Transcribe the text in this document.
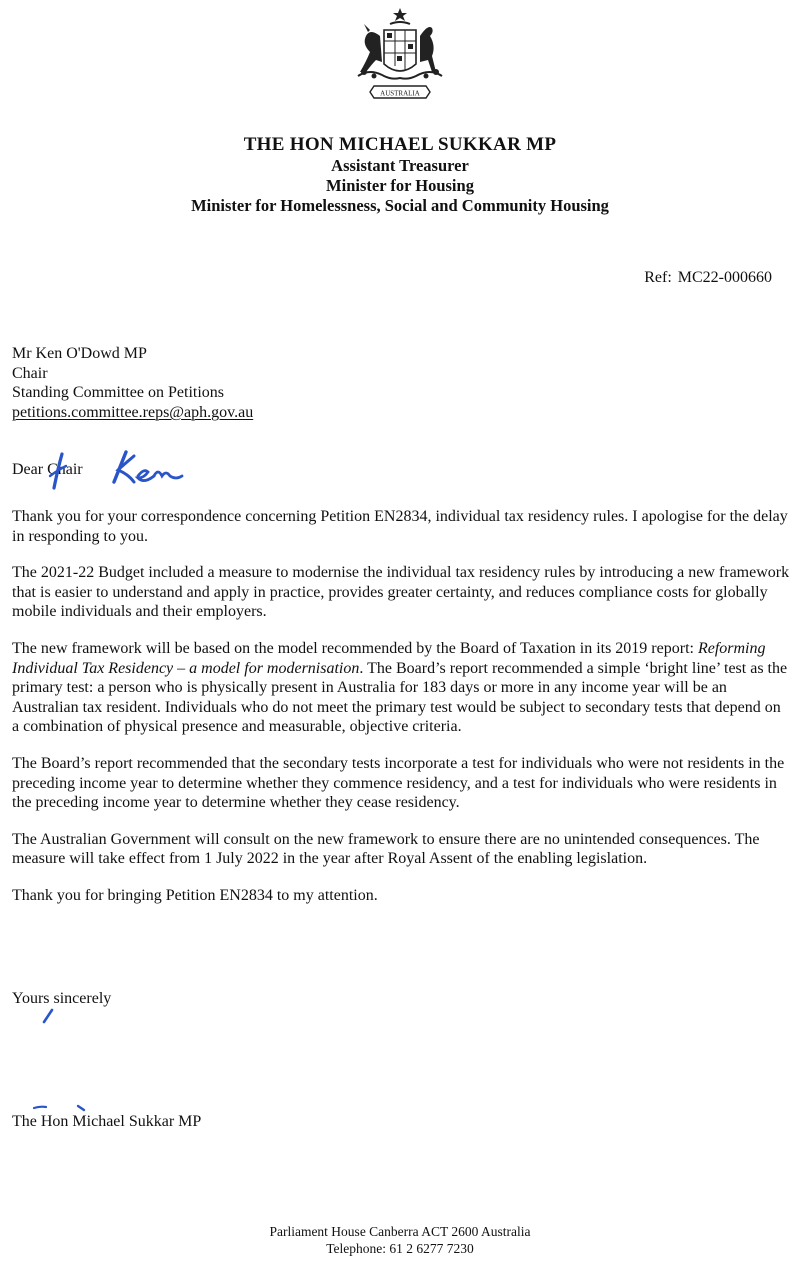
AUSTRALIA
THE HON MICHAEL SUKKAR MP
Assistant Treasurer
Minister for Housing
Minister for Homelessness, Social and Community Housing
Ref: MC22-000660
Mr Ken O'Dowd MP
Chair
Standing Committee on Petitions
petitions.committee.reps@aph.gov.au
Dear Chair

Thank you for your correspondence concerning Petition EN2834, individual tax residency rules. I apologise for the delay in responding to you.

The 2021-22 Budget included a measure to modernise the individual tax residency rules by introducing a new framework that is easier to understand and apply in practice, provides greater certainty, and reduces compliance costs for globally mobile individuals and their employers.

The new framework will be based on the model recommended by the Board of Taxation in its 2019 report: Reforming Individual Tax Residency – a model for modernisation. The Board’s report recommended a simple ‘bright line’ test as the primary test: a person who is physically present in Australia for 183 days or more in any income year will be an Australian tax resident. Individuals who do not meet the primary test would be subject to secondary tests that depend on a combination of physical presence and measurable, objective criteria.

The Board’s report recommended that the secondary tests incorporate a test for individuals who were not residents in the preceding income year to determine whether they commence residency, and a test for individuals who were residents in the preceding income year to determine whether they cease residency.

The Australian Government will consult on the new framework to ensure there are no unintended consequences. The measure will take effect from 1 July 2022 in the year after Royal Assent of the enabling legislation.

Thank you for bringing Petition EN2834 to my attention.

Yours sincerely
The Hon Michael Sukkar MP
Parliament House Canberra ACT 2600 Australia
Telephone: 61 2 6277 7230
